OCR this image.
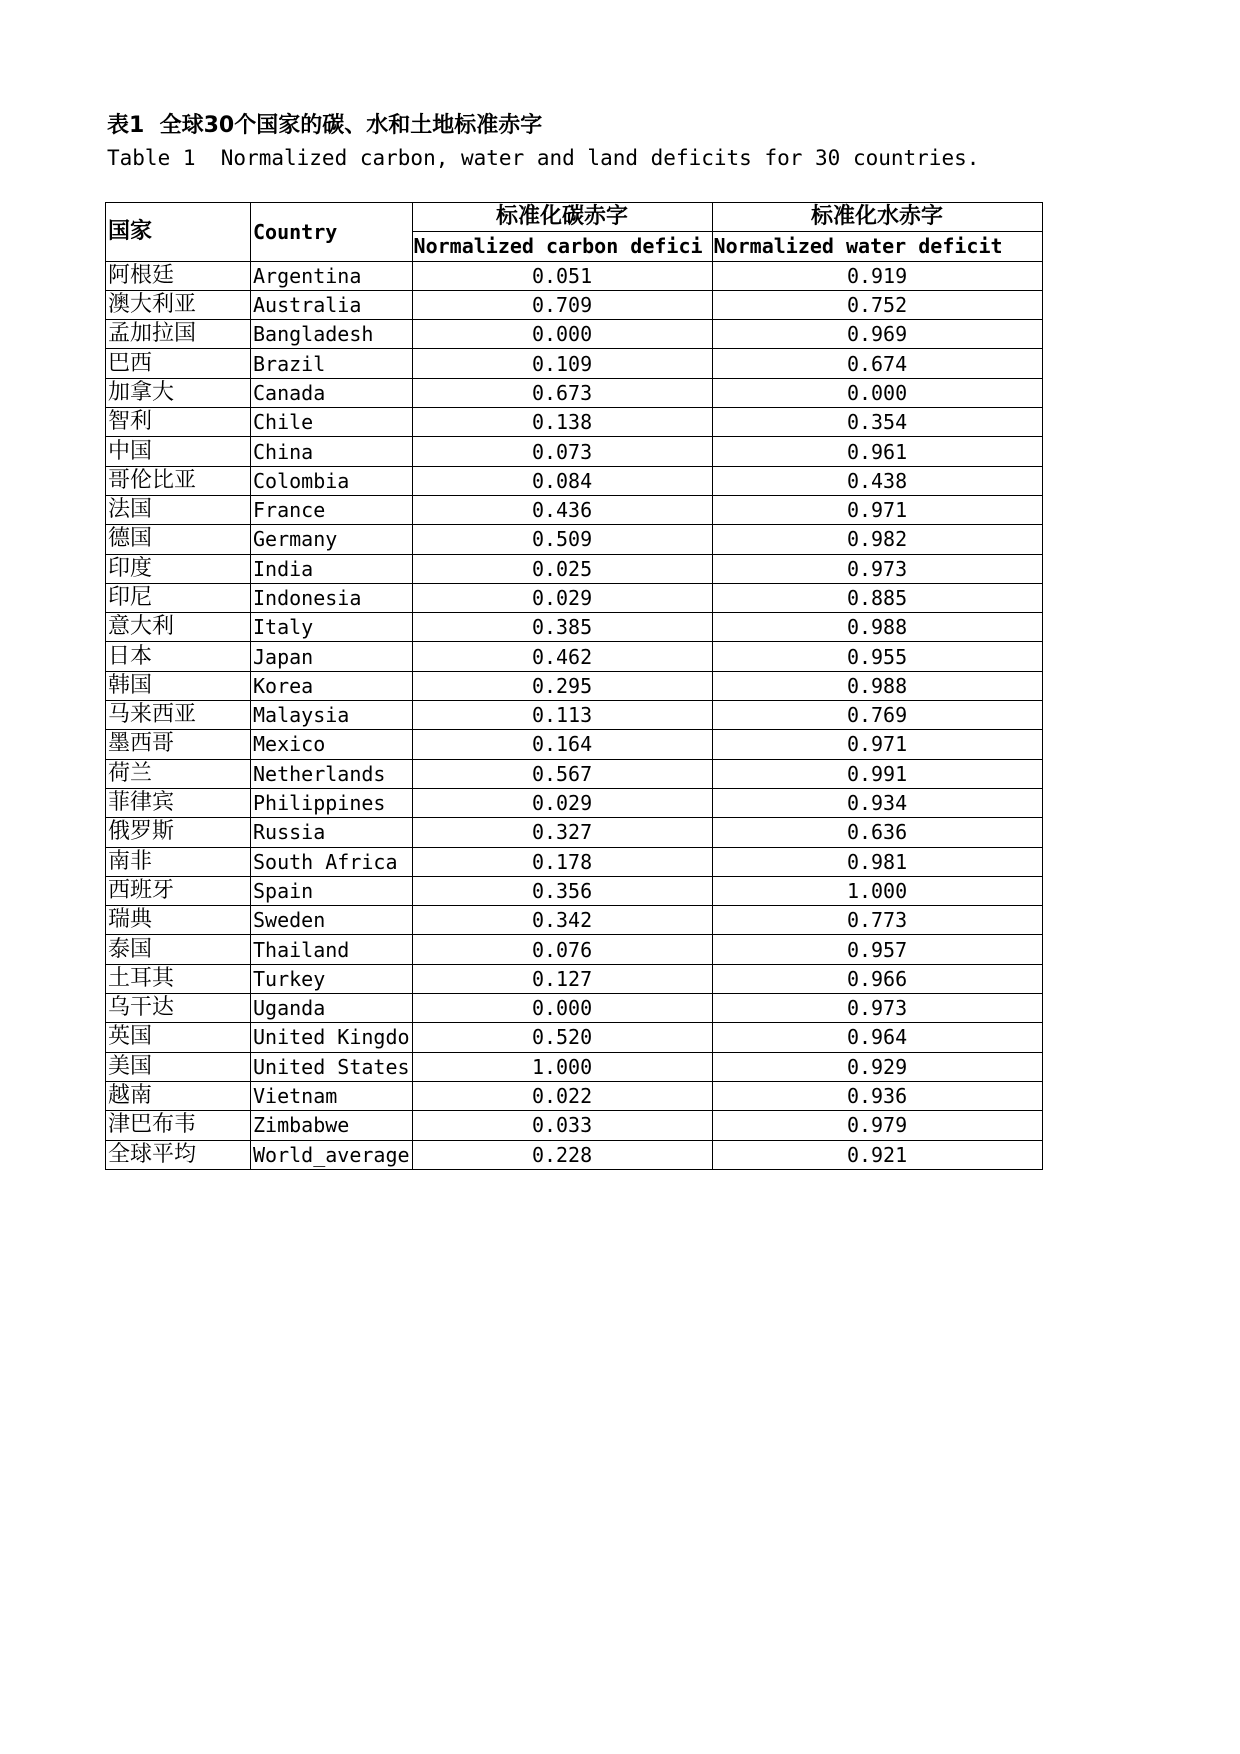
表1  全球30个国家的碳、水和土地标准赤字
Table 1  Normalized carbon, water and land deficits for 30 countries.
国家	Country	标准化碳赤字	标准化水赤字
		Normalized carbon defici	Normalized water deficit
阿根廷	Argentina	0.051	0.919
澳大利亚	Australia	0.709	0.752
孟加拉国	Bangladesh	0.000	0.969
巴西	Brazil	0.109	0.674
加拿大	Canada	0.673	0.000
智利	Chile	0.138	0.354
中国	China	0.073	0.961
哥伦比亚	Colombia	0.084	0.438
法国	France	0.436	0.971
德国	Germany	0.509	0.982
印度	India	0.025	0.973
印尼	Indonesia	0.029	0.885
意大利	Italy	0.385	0.988
日本	Japan	0.462	0.955
韩国	Korea	0.295	0.988
马来西亚	Malaysia	0.113	0.769
墨西哥	Mexico	0.164	0.971
荷兰	Netherlands	0.567	0.991
菲律宾	Philippines	0.029	0.934
俄罗斯	Russia	0.327	0.636
南非	South Africa	0.178	0.981
西班牙	Spain	0.356	1.000
瑞典	Sweden	0.342	0.773
泰国	Thailand	0.076	0.957
土耳其	Turkey	0.127	0.966
乌干达	Uganda	0.000	0.973
英国	United Kingdo	0.520	0.964
美国	United States	1.000	0.929
越南	Vietnam	0.022	0.936
津巴布韦	Zimbabwe	0.033	0.979
全球平均	World_average	0.228	0.921
